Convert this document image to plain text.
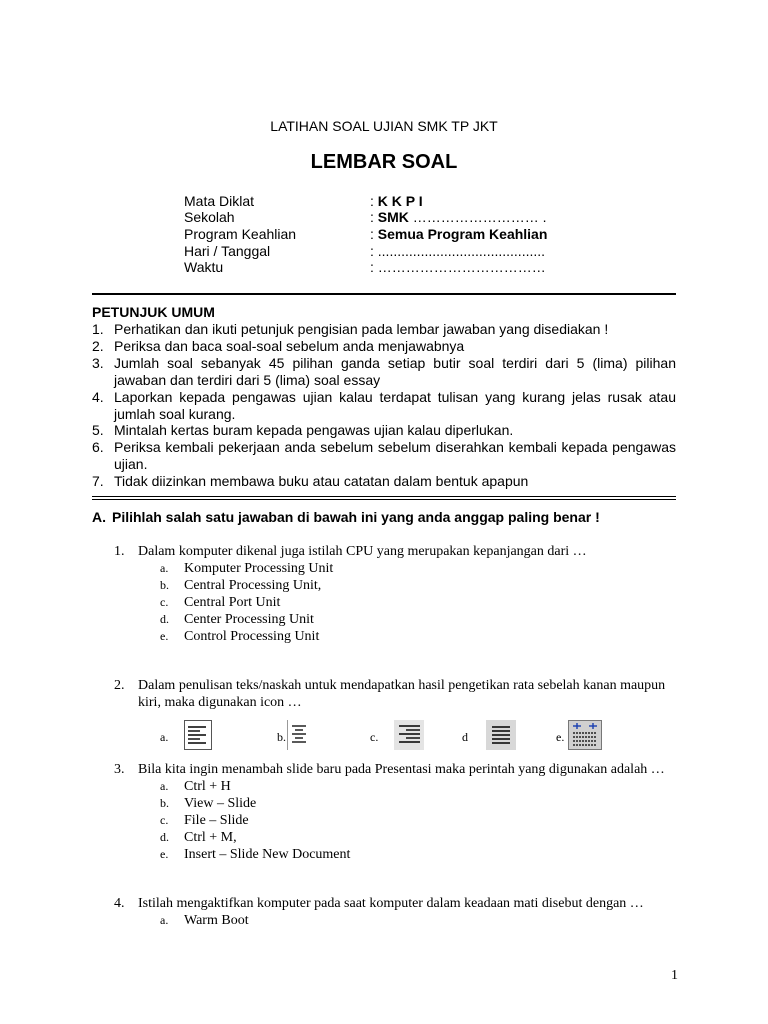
LATIHAN SOAL UJIAN SMK TP JKT
LEMBAR SOAL
Mata Diklat	: K K P I
Sekolah	: SMK ……………………… .
Program Keahlian	: Semua Program Keahlian
Hari / Tanggal	: ...........................................
Waktu	: ………………………………
PETUNJUK UMUM
1. Perhatikan dan ikuti petunjuk pengisian pada lembar jawaban yang disediakan !
2. Periksa dan baca soal-soal sebelum anda menjawabnya
3. Jumlah soal sebanyak 45 pilihan ganda setiap butir soal terdiri dari 5 (lima) pilihan jawaban dan terdiri dari 5 (lima) soal essay
4. Laporkan kepada pengawas ujian kalau terdapat tulisan yang kurang jelas rusak atau jumlah soal kurang.
5. Mintalah kertas buram kepada pengawas ujian kalau diperlukan.
6. Periksa kembali pekerjaan anda sebelum sebelum diserahkan kembali kepada pengawas ujian.
7. Tidak diizinkan membawa buku atau catatan dalam bentuk apapun
A. Pilihlah salah satu jawaban di bawah ini yang anda anggap paling benar !
1. Dalam komputer dikenal juga istilah CPU yang merupakan kepanjangan dari …
a. Komputer Processing Unit
b. Central Processing Unit,
c. Central Port Unit
d. Center Processing Unit
e. Control Processing Unit
2. Dalam penulisan teks/naskah untuk mendapatkan hasil pengetikan rata sebelah kanan maupun kiri, maka digunakan icon …
a.	b.	c.	d	e.
3. Bila kita ingin menambah slide baru pada Presentasi maka perintah yang digunakan adalah …
a. Ctrl + H
b. View – Slide
c. File – Slide
d. Ctrl + M,
e. Insert – Slide New Document
4. Istilah mengaktifkan komputer pada saat komputer dalam keadaan mati disebut dengan …
a. Warm Boot
1
